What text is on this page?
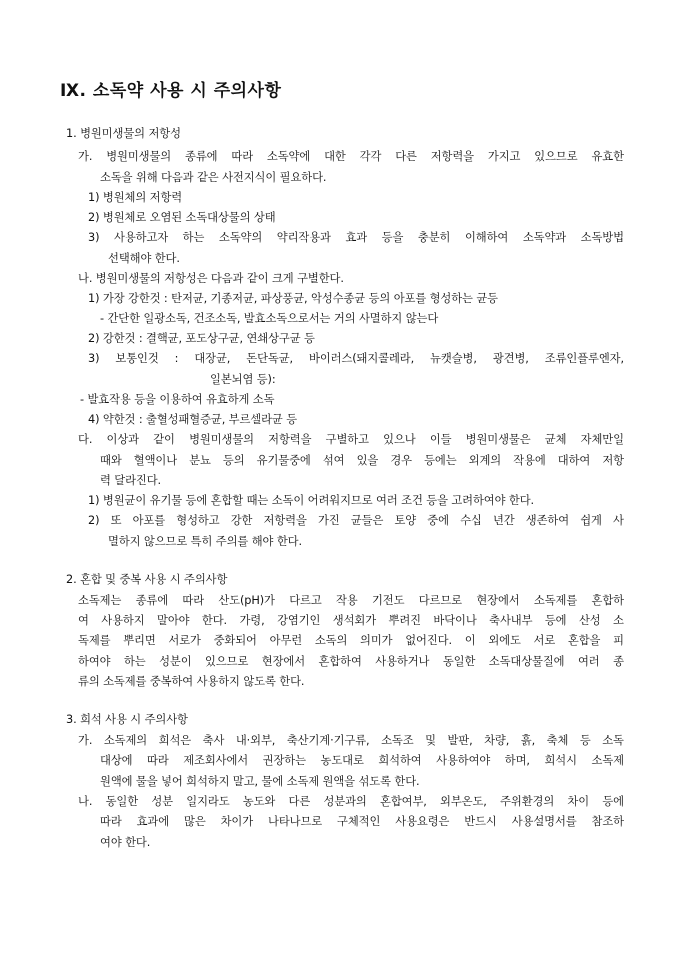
Ⅸ. 소독약 사용 시 주의사항
1. 병원미생물의 저항성
가. 병원미생물의 종류에 따라 소독약에 대한 각각 다른 저항력을 가지고 있으므로 유효한
소독을 위해 다음과 같은 사전지식이 필요하다.
1) 병원체의 저항력
2) 병원체로 오염된 소독대상물의 상태
3) 사용하고자 하는 소독약의 약리작용과 효과 등을 충분히 이해하여 소독약과 소독방법
선택해야 한다.
나. 병원미생물의 저항성은 다음과 같이 크게 구별한다.
1) 가장 강한것 : 탄저균, 기종저균, 파상풍균, 악성수종균 등의 아포를 형성하는 균등
- 간단한 일광소독, 건조소독, 발효소독으로서는 거의 사멸하지 않는다
2) 강한것 : 결핵균, 포도상구균, 연쇄상구균 등
3) 보통인것 : 대장균, 돈단독균, 바이러스(돼지콜레라, 뉴캣슬병, 광견병, 조류인플루엔자,
일본뇌염 등):
- 발효작용 등을 이용하여 유효하게 소독
4) 약한것 : 출혈성패혈증균, 부르셀라균 등
다. 이상과 같이 병원미생물의 저항력을 구별하고 있으나 이들 병원미생물은 균체 자체만일
때와 혈액이나 분뇨 등의 유기물중에 섞여 있을 경우 등에는 외계의 작용에 대하여 저항
력 달라진다.
1) 병원균이 유기물 등에 혼합할 때는 소독이 어려워지므로 여러 조건 등을 고려하여야 한다.
2) 또 아포를 형성하고 강한 저항력을 가진 균들은 토양 중에 수십 년간 생존하여 쉽게 사
멸하지 않으므로 특히 주의를 해야 한다.
2. 혼합 및 중복 사용 시 주의사항
소독제는 종류에 따라 산도(pH)가 다르고 작용 기전도 다르므로 현장에서 소독제를 혼합하
여 사용하지 말아야 한다. 가령, 강염기인 생석회가 뿌려진 바닥이나 축사내부 등에 산성 소
독제를 뿌리면 서로가 중화되어 아무런 소독의 의미가 없어진다. 이 외에도 서로 혼합을 피
하여야 하는 성분이 있으므로 현장에서 혼합하여 사용하거나 동일한 소독대상물질에 여러 종
류의 소독제를 중복하여 사용하지 않도록 한다.
3. 희석 사용 시 주의사항
가. 소독제의 희석은 축사 내·외부, 축산기계·기구류, 소독조 및 발판, 차량, 흙, 축체 등 소독
대상에 따라 제조회사에서 권장하는 농도대로 희석하여 사용하여야 하며, 희석시 소독제
원액에 물을 넣어 희석하지 말고, 물에 소독제 원액을 섞도록 한다.
나. 동일한 성분 일지라도 농도와 다른 성분과의 혼합여부, 외부온도, 주위환경의 차이 등에
따라 효과에 많은 차이가 나타나므로 구체적인 사용요령은 반드시 사용설명서를 참조하
여야 한다.
